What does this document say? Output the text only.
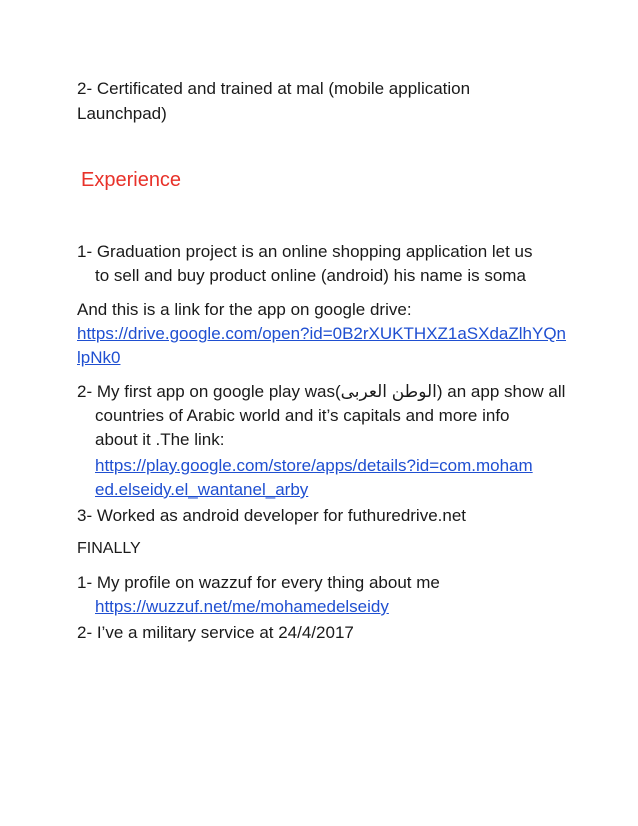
2- Certificated and trained at mal (mobile application
Launchpad)
Experience
1- Graduation project is an online shopping application let us
to sell and buy product online (android) his name is soma
And this is a link for the app on google drive:
https://drive.google.com/open?id=0B2rXUKTHXZ1aSXdaZlhYQn
lpNk0
2- My first app on google play was(الوطن العربى) an app show all
countries of Arabic world and it’s capitals and more info
about it .The link:
https://play.google.com/store/apps/details?id=com.moham
ed.elseidy.el_wantanel_arby
3- Worked as android developer for futhuredrive.net
FINALLY
1- My profile on wazzuf for every thing about me
https://wuzzuf.net/me/mohamedelseidy
2- I’ve a military service at 24/4/2017
